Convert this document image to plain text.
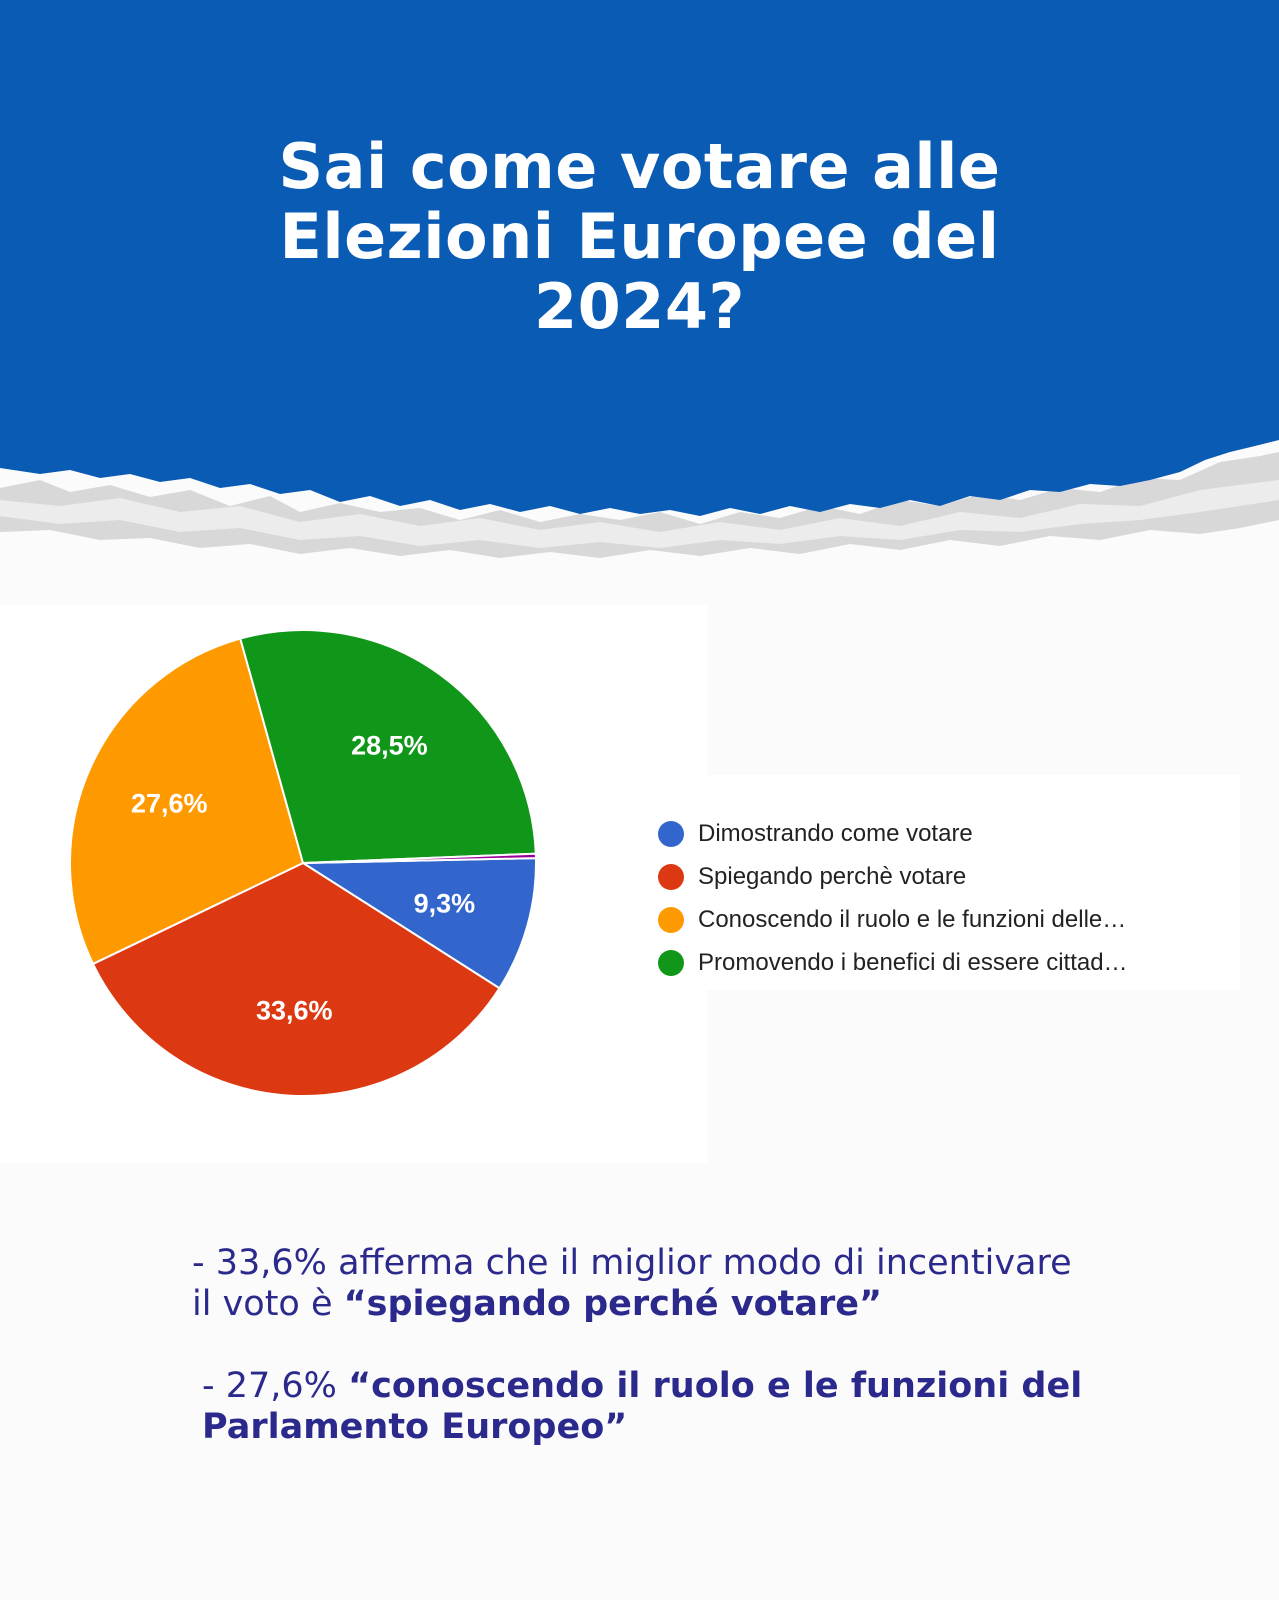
Sai come votare alle
Elezioni Europee del
2024?
9,3%
33,6%
27,6%
28,5%
Dimostrando come votare
Spiegando perchè votare
Conoscendo il ruolo e le funzioni delle…
Promovendo i benefici di essere cittad…

- 33,6% afferma che il miglior modo di incentivare il voto è “spiegando perché votare”

- 27,6% “conoscendo il ruolo e le funzioni del Parlamento Europeo”
